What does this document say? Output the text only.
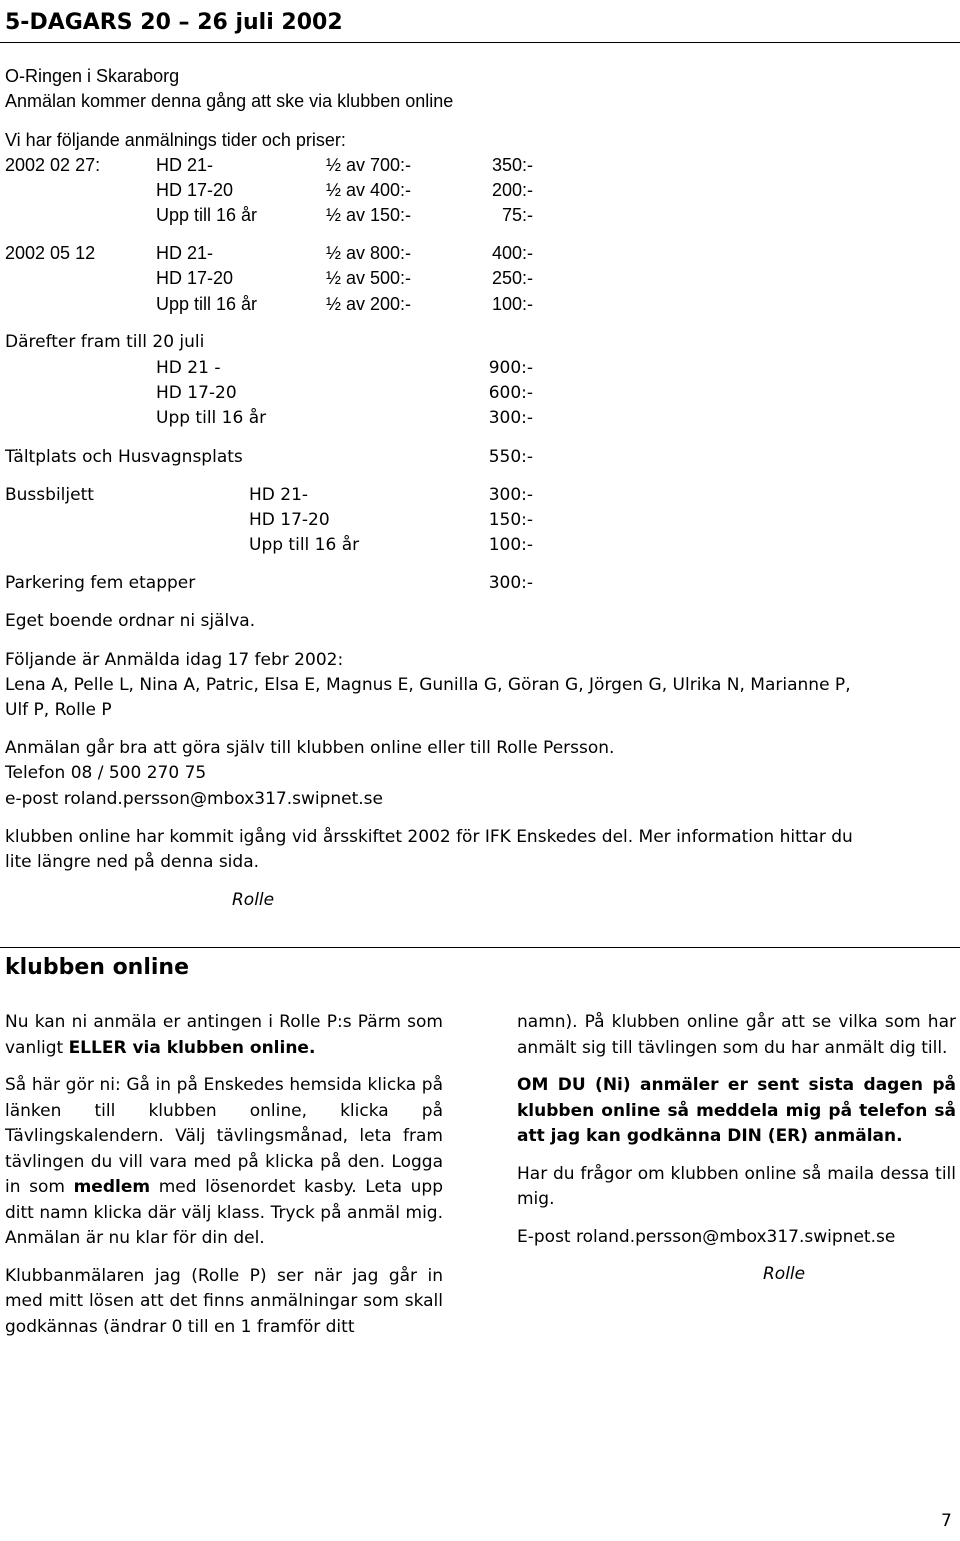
5-DAGARS 20 – 26 juli 2002
O-Ringen i Skaraborg
Anmälan kommer denna gång att ske via klubben online
Vi har följande anmälnings tider och priser:
2002 02 27:	HD 21-	½ av 700:-	350:-
HD 17-20	½ av 400:-	200:-
Upp till 16 år	½ av 150:-	75:-
2002 05 12	HD 21-	½ av 800:-	400:-
HD 17-20	½ av 500:-	250:-
Upp till 16 år	½ av 200:-	100:-
Därefter fram till 20 juli
HD 21 -	900:-
HD 17-20	600:-
Upp till 16 år	300:-
Tältplats och Husvagnsplats	550:-
Bussbiljett	HD 21-	300:-
HD 17-20	150:-
Upp till 16 år	100:-
Parkering fem etapper	300:-
Eget boende ordnar ni själva.
Följande är Anmälda idag 17 febr 2002:
Lena A, Pelle L, Nina A, Patric, Elsa E, Magnus E, Gunilla G, Göran G, Jörgen G, Ulrika N, Marianne P,
Ulf P, Rolle P
Anmälan går bra att göra själv till klubben online eller till Rolle Persson.
Telefon 08 / 500 270 75
e-post roland.persson@mbox317.swipnet.se
klubben online har kommit igång vid årsskiftet 2002 för IFK Enskedes del. Mer information hittar du
lite längre ned på denna sida.
Rolle
klubben online

Nu kan ni anmäla er antingen i Rolle P:s Pärm som vanligt ELLER via klubben online.

Så här gör ni: Gå in på Enskedes hemsida klicka på länken till klubben online, klicka på Tävlingskalendern. Välj tävlingsmånad, leta fram tävlingen du vill vara med på klicka på den. Logga in som medlem med lösenordet kasby. Leta upp ditt namn klicka där välj klass. Tryck på anmäl mig. Anmälan är nu klar för din del.

Klubbanmälaren jag (Rolle P) ser när jag går in med mitt lösen att det finns anmälningar som skall godkännas (ändrar 0 till en 1 framför ditt

namn). På klubben online går att se vilka som har anmält sig till tävlingen som du har anmält dig till.

OM DU (Ni) anmäler er sent sista dagen på klubben online så meddela mig på telefon så att jag kan godkänna DIN (ER) anmälan.

Har du frågor om klubben online så maila dessa till mig.

E-post roland.persson@mbox317.swipnet.se

Rolle

7
